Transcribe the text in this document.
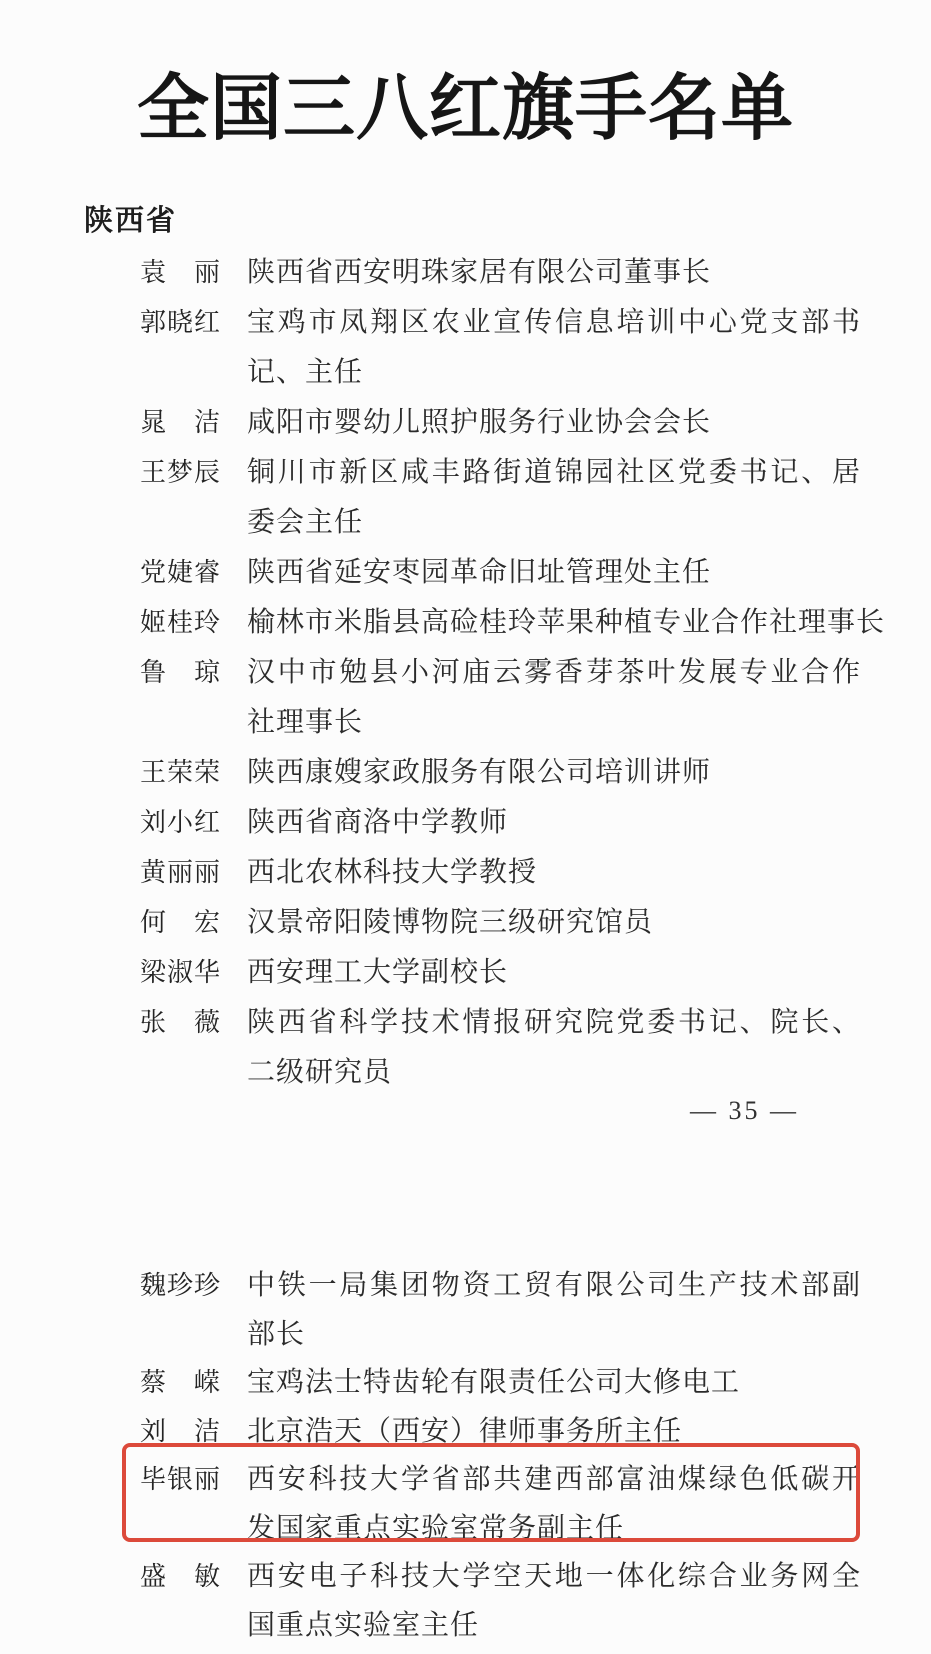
全国三八红旗手名单
陕西省
袁丽 陕西省西安明珠家居有限公司董事长
郭晓红 宝鸡市凤翔区农业宣传信息培训中心党支部书
记、主任
晁洁 咸阳市婴幼儿照护服务行业协会会长
王梦辰 铜川市新区咸丰路街道锦园社区党委书记、居
委会主任
党婕睿 陕西省延安枣园革命旧址管理处主任
姬桂玲 榆林市米脂县高硷桂玲苹果种植专业合作社理事长
鲁琼 汉中市勉县小河庙云雾香芽茶叶发展专业合作
社理事长
王荣荣 陕西康嫂家政服务有限公司培训讲师
刘小红 陕西省商洛中学教师
黄丽丽 西北农林科技大学教授
何宏 汉景帝阳陵博物院三级研究馆员
梁淑华 西安理工大学副校长
张薇 陕西省科学技术情报研究院党委书记、院长、
二级研究员
— 35 —
魏珍珍 中铁一局集团物资工贸有限公司生产技术部副
部长
蔡嵘 宝鸡法士特齿轮有限责任公司大修电工
刘洁 北京浩天（西安）律师事务所主任
毕银丽 西安科技大学省部共建西部富油煤绿色低碳开
发国家重点实验室常务副主任
盛敏 西安电子科技大学空天地一体化综合业务网全
国重点实验室主任
